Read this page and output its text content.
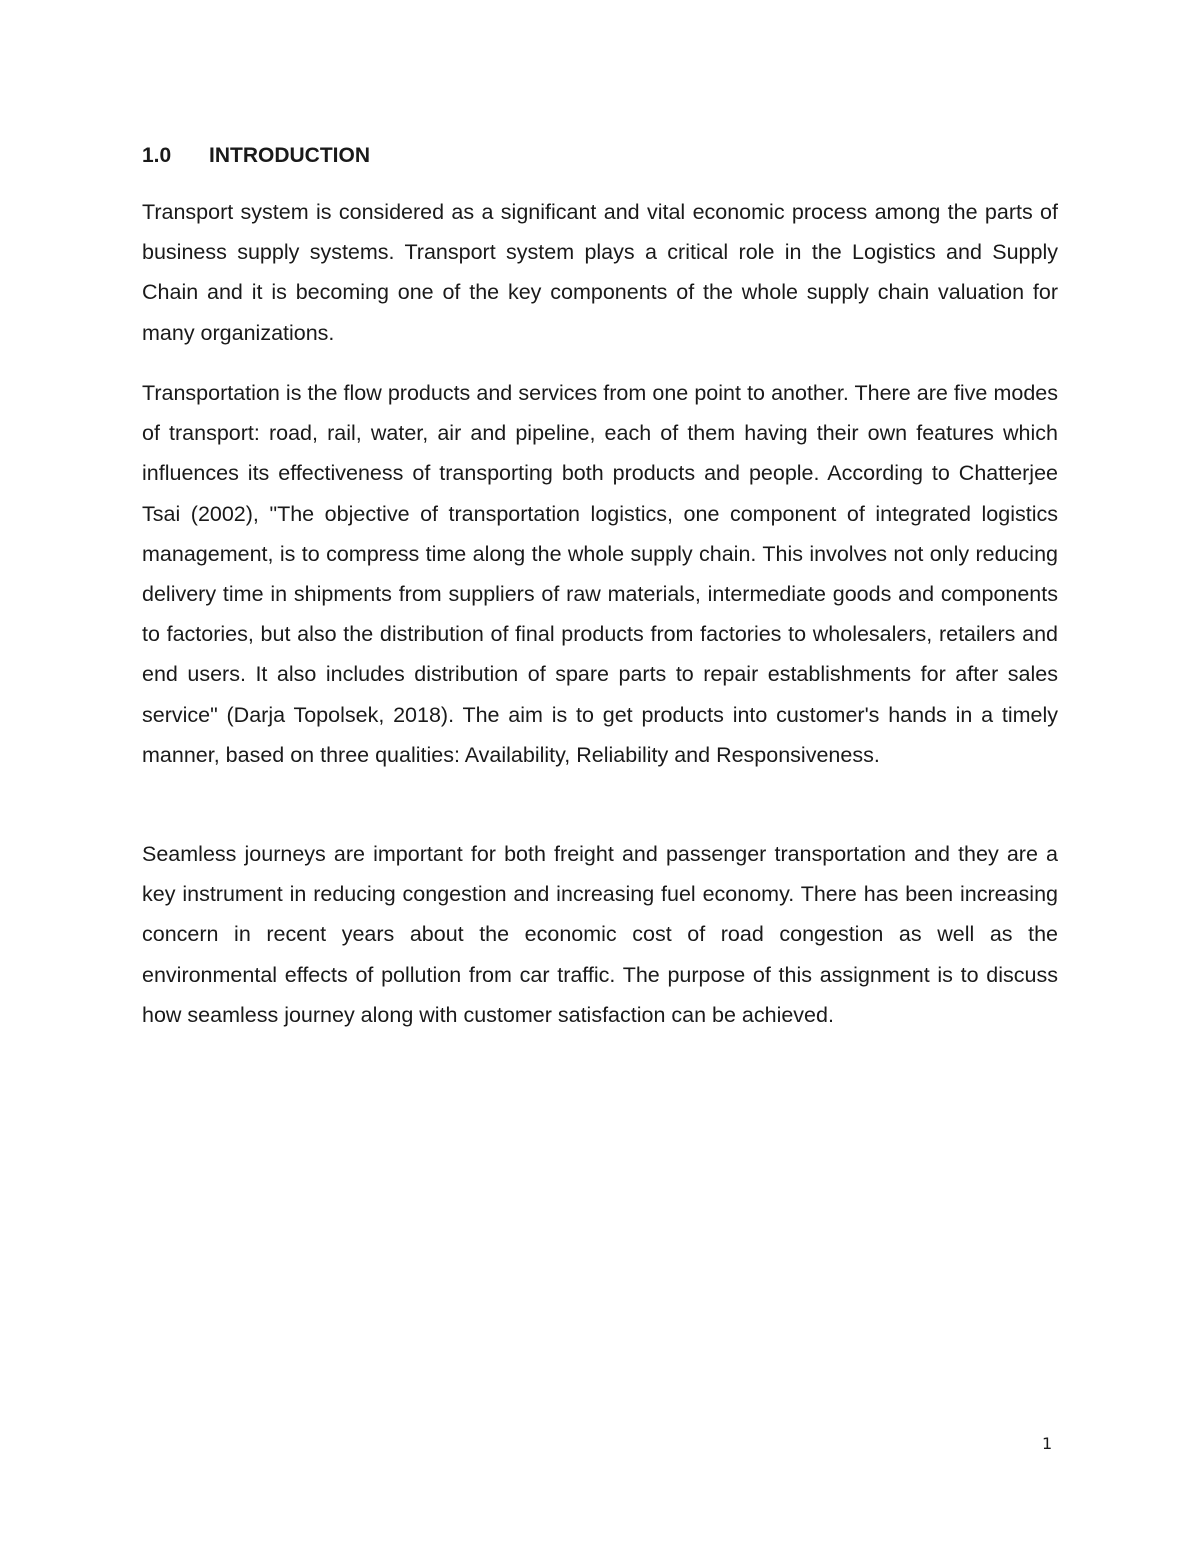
1.0 INTRODUCTION

Transport system is considered as a significant and vital economic process among the parts of business supply systems. Transport system plays a critical role in the Logistics and Supply Chain and it is becoming one of the key components of the whole supply chain valuation for many organizations.

Transportation is the flow products and services from one point to another. There are five modes of transport: road, rail, water, air and pipeline, each of them having their own features which influences its effectiveness of transporting both products and people. According to Chatterjee Tsai (2002), "The objective of transportation logistics, one component of integrated logistics management, is to compress time along the whole supply chain. This involves not only reducing delivery time in shipments from suppliers of raw materials, intermediate goods and components to factories, but also the distribution of final products from factories to wholesalers, retailers and end users. It also includes distribution of spare parts to repair establishments for after sales service" (Darja Topolsek, 2018). The aim is to get products into customer's hands in a timely manner, based on three qualities: Availability, Reliability and Responsiveness.

Seamless journeys are important for both freight and passenger transportation and they are a key instrument in reducing congestion and increasing fuel economy. There has been increasing concern in recent years about the economic cost of road congestion as well as the environmental effects of pollution from car traffic. The purpose of this assignment is to discuss how seamless journey along with customer satisfaction can be achieved.

1
